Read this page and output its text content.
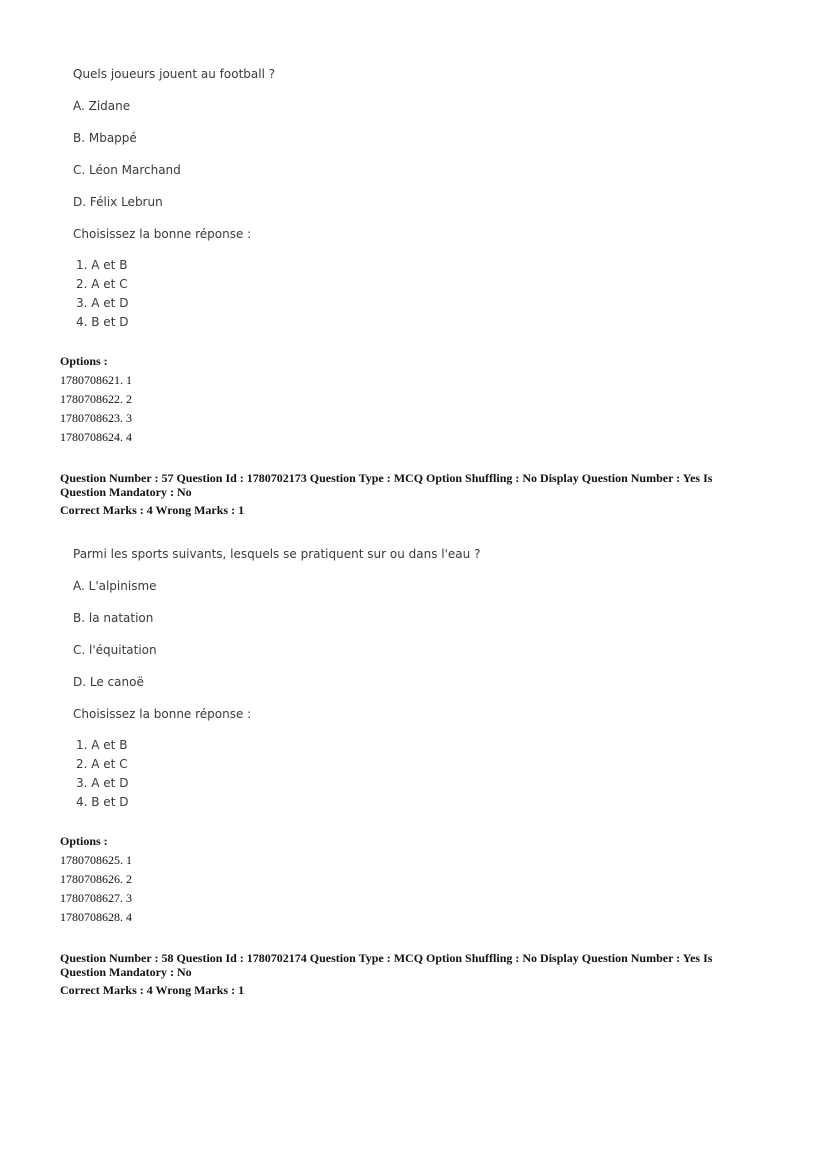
Quels joueurs jouent au football ?

A. Zidane

B. Mbappé

C. Léon Marchand

D. Félix Lebrun

Choisissez la bonne réponse :

1. A et B

2. A et C

3. A et D

4. B et D

Options :

1780708621. 1

1780708622. 2

1780708623. 3

1780708624. 4

Question Number : 57 Question Id : 1780702173 Question Type : MCQ Option Shuffling : No Display Question Number : Yes Is
Question Mandatory : No
Correct Marks : 4 Wrong Marks : 1

Parmi les sports suivants, lesquels se pratiquent sur ou dans l'eau ?

A. L'alpinisme

B. la natation

C. l'équitation

D. Le canoë

Choisissez la bonne réponse :

1. A et B

2. A et C

3. A et D

4. B et D

Options :

1780708625. 1

1780708626. 2

1780708627. 3

1780708628. 4

Question Number : 58 Question Id : 1780702174 Question Type : MCQ Option Shuffling : No Display Question Number : Yes Is
Question Mandatory : No
Correct Marks : 4 Wrong Marks : 1
